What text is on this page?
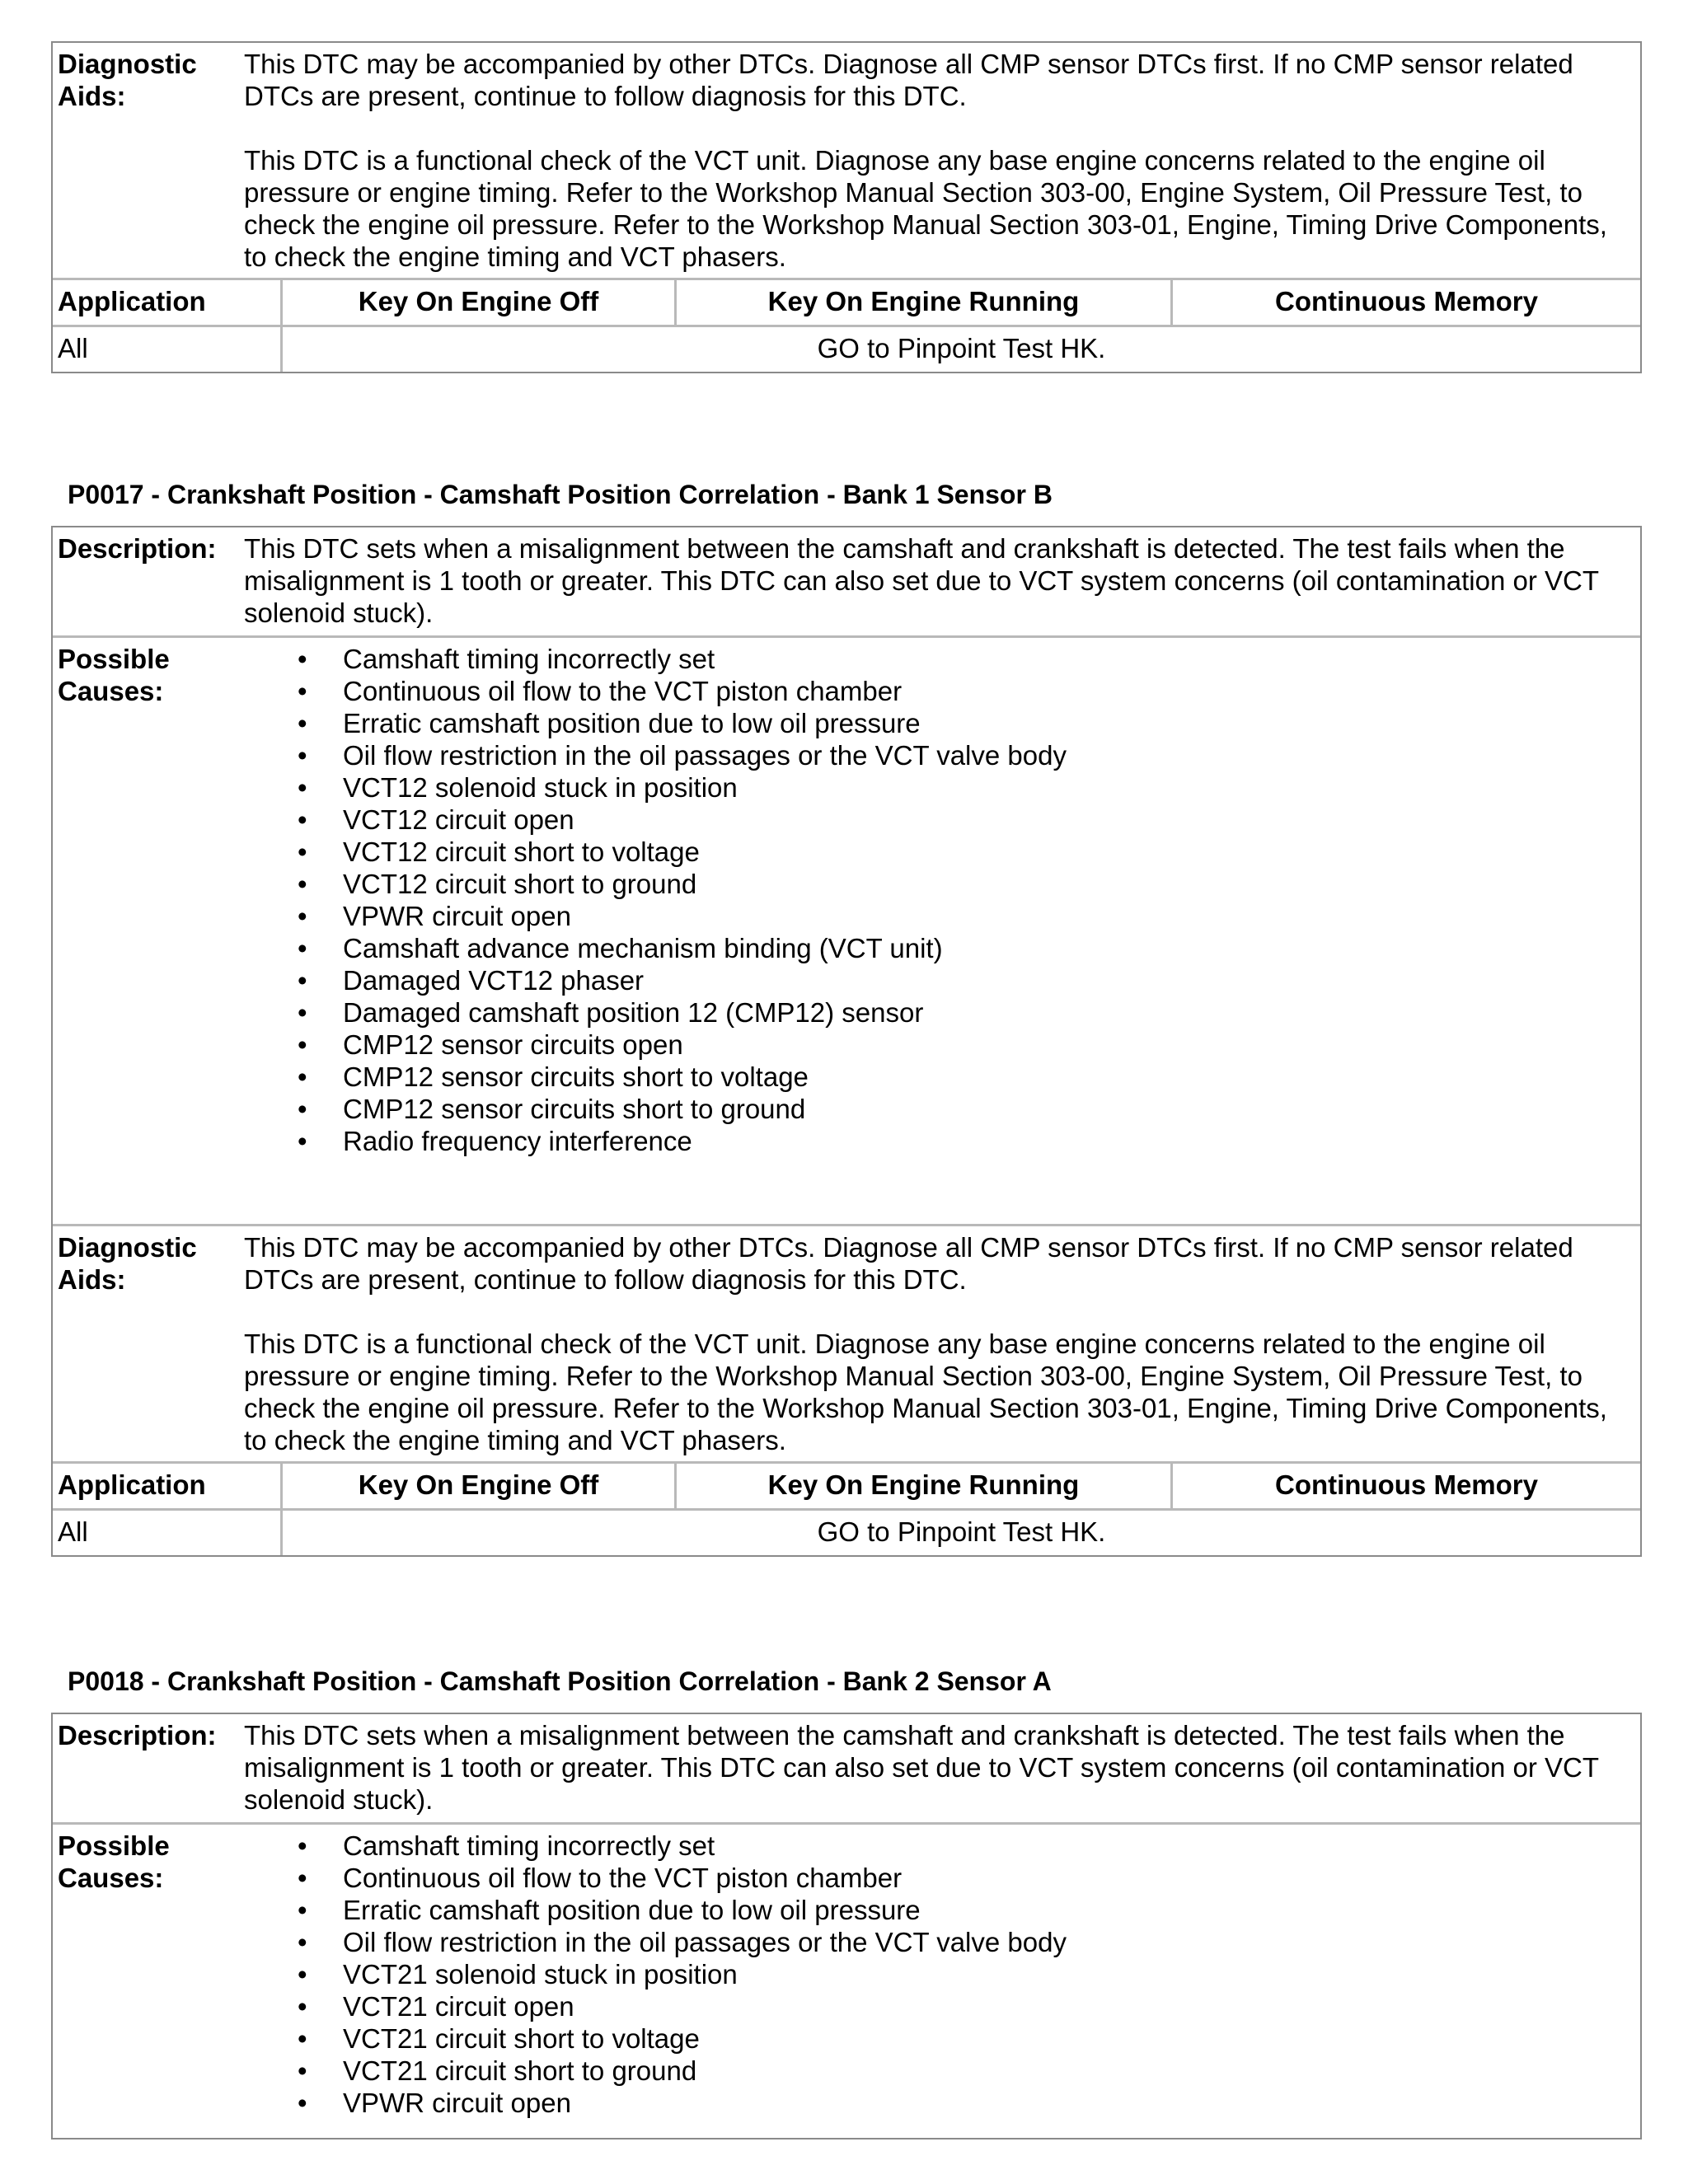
Diagnostic Aids:

This DTC may be accompanied by other DTCs. Diagnose all CMP sensor DTCs first. If no CMP sensor related DTCs are present, continue to follow diagnosis for this DTC.

This DTC is a functional check of the VCT unit. Diagnose any base engine concerns related to the engine oil pressure or engine timing. Refer to the Workshop Manual Section 303-00, Engine System, Oil Pressure Test, to check the engine oil pressure. Refer to the Workshop Manual Section 303-01, Engine, Timing Drive Components, to check the engine timing and VCT phasers.

Application	Key On Engine Off	Key On Engine Running	Continuous Memory
All	GO to Pinpoint Test HK.
P0017 - Crankshaft Position - Camshaft Position Correlation - Bank 1 Sensor B
Description:	This DTC sets when a misalignment between the camshaft and crankshaft is detected. The test fails when the misalignment is 1 tooth or greater. This DTC can also set due to VCT system concerns (oil contamination or VCT solenoid stuck).
Possible Causes:
• Camshaft timing incorrectly set
• Continuous oil flow to the VCT piston chamber
• Erratic camshaft position due to low oil pressure
• Oil flow restriction in the oil passages or the VCT valve body
• VCT12 solenoid stuck in position
• VCT12 circuit open
• VCT12 circuit short to voltage
• VCT12 circuit short to ground
• VPWR circuit open
• Camshaft advance mechanism binding (VCT unit)
• Damaged VCT12 phaser
• Damaged camshaft position 12 (CMP12) sensor
• CMP12 sensor circuits open
• CMP12 sensor circuits short to voltage
• CMP12 sensor circuits short to ground
• Radio frequency interference
Diagnostic Aids:

This DTC may be accompanied by other DTCs. Diagnose all CMP sensor DTCs first. If no CMP sensor related DTCs are present, continue to follow diagnosis for this DTC.

This DTC is a functional check of the VCT unit. Diagnose any base engine concerns related to the engine oil pressure or engine timing. Refer to the Workshop Manual Section 303-00, Engine System, Oil Pressure Test, to check the engine oil pressure. Refer to the Workshop Manual Section 303-01, Engine, Timing Drive Components, to check the engine timing and VCT phasers.

Application	Key On Engine Off	Key On Engine Running	Continuous Memory
All	GO to Pinpoint Test HK.
P0018 - Crankshaft Position - Camshaft Position Correlation - Bank 2 Sensor A
Description:	This DTC sets when a misalignment between the camshaft and crankshaft is detected. The test fails when the misalignment is 1 tooth or greater. This DTC can also set due to VCT system concerns (oil contamination or VCT solenoid stuck).
Possible Causes:
• Camshaft timing incorrectly set
• Continuous oil flow to the VCT piston chamber
• Erratic camshaft position due to low oil pressure
• Oil flow restriction in the oil passages or the VCT valve body
• VCT21 solenoid stuck in position
• VCT21 circuit open
• VCT21 circuit short to voltage
• VCT21 circuit short to ground
• VPWR circuit open
